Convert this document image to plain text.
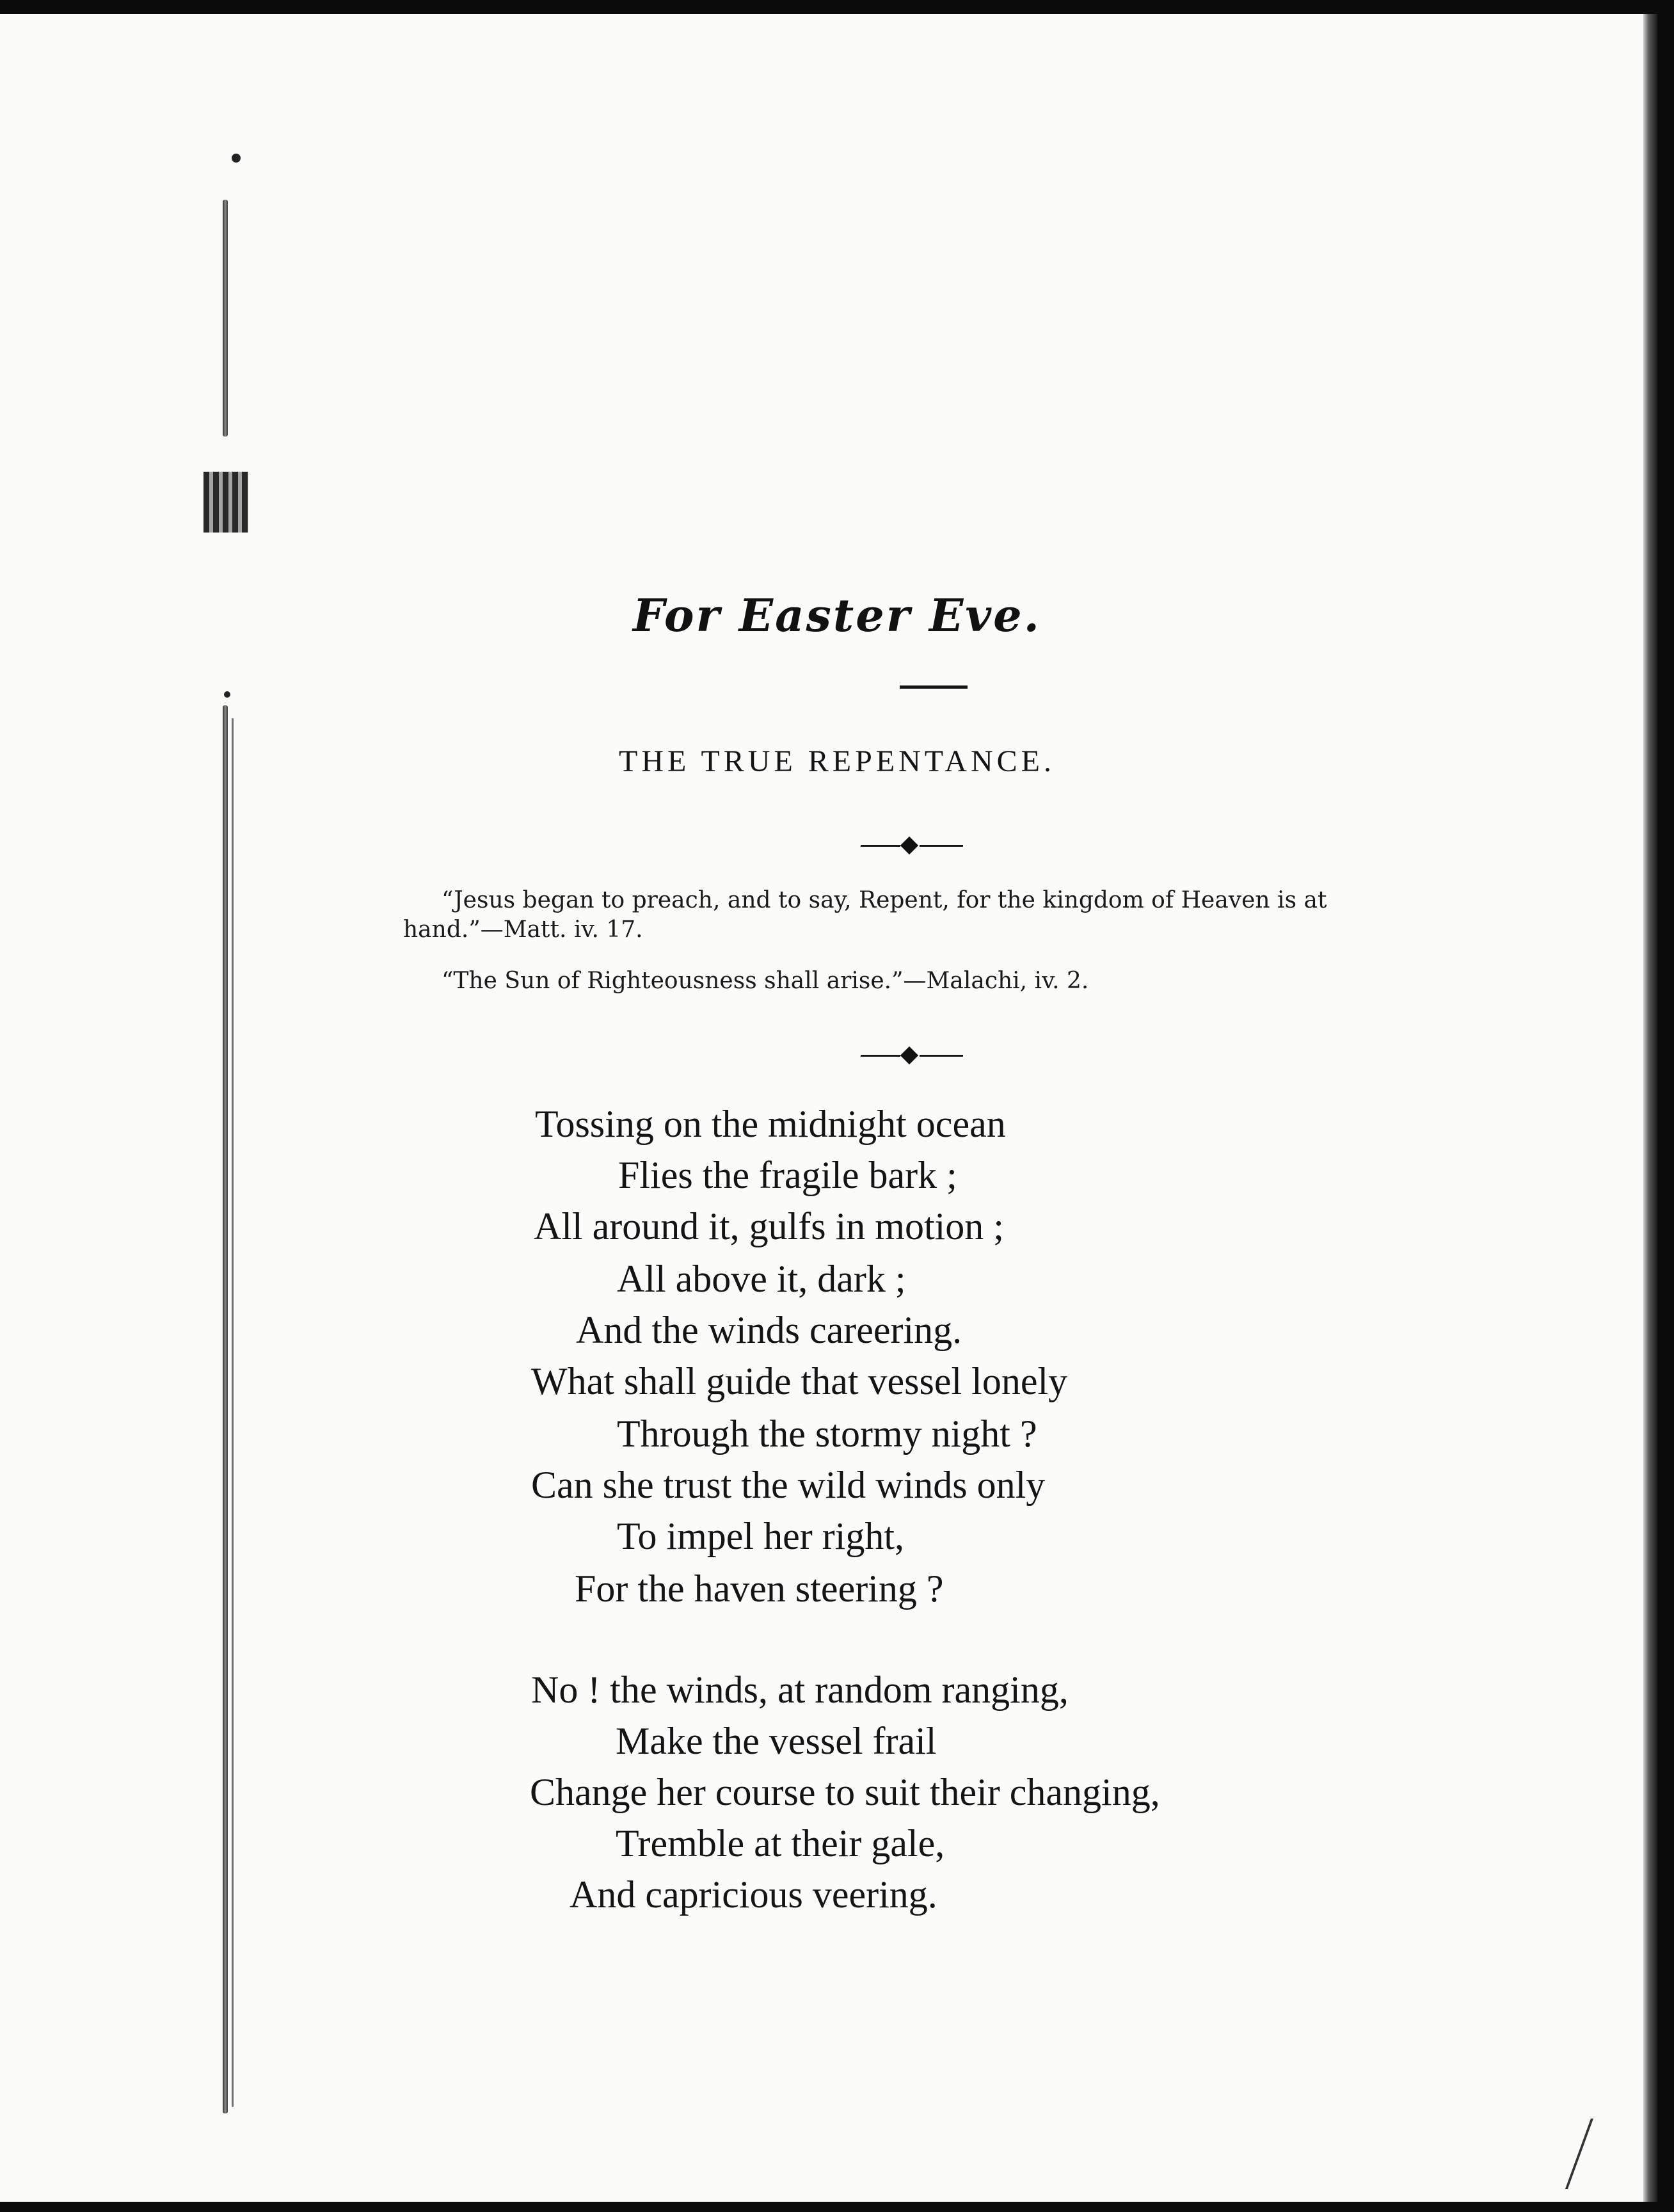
For Easter Eve.
THE TRUE REPENTANCE.
“Jesus began to preach, and to say, Repent, for the kingdom of Heaven is at hand.”—Matt. iv. 17.
“The Sun of Righteousness shall arise.”—Malachi, iv. 2.
Tossing on the midnight ocean
Flies the fragile bark ;
All around it, gulfs in motion ;
All above it, dark ;
And the winds careering.
What shall guide that vessel lonely
Through the stormy night ?
Can she trust the wild winds only
To impel her right,
For the haven steering ?
No ! the winds, at random ranging,
Make the vessel frail
Change her course to suit their changing,
Tremble at their gale,
And capricious veering.
